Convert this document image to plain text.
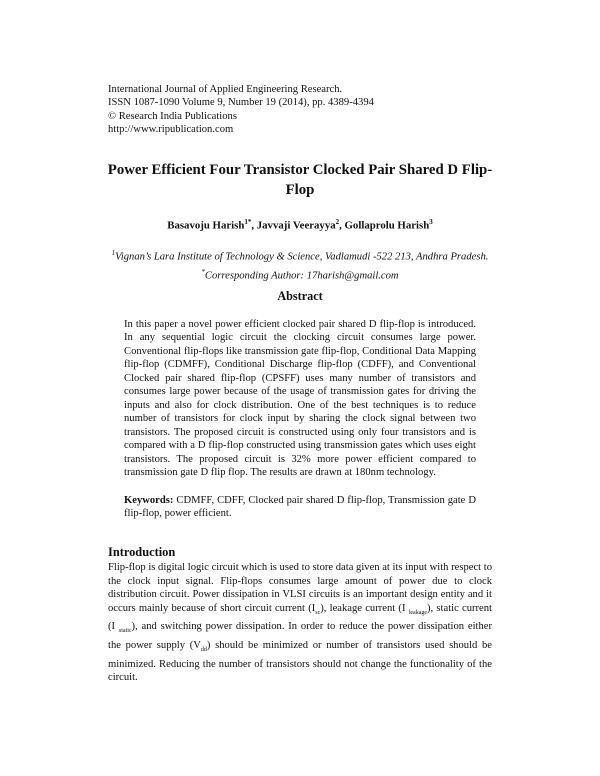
International Journal of Applied Engineering Research.
ISSN 1087-1090 Volume 9, Number 19 (2014), pp. 4389-4394
© Research India Publications
http://www.ripublication.com
Power Efficient Four Transistor Clocked Pair Shared D Flip-Flop
Basavoju Harish$^{1*}$, Javvaji Veerayya$^2$, Gollaprolu Harish$^3$
$^1$Vignan’s Lara Institute of Technology & Science, Vadlamudi -522 213, Andhra Pradesh. *Corresponding Author: 17harish@gmail.com
Abstract
In this paper a novel power efficient clocked pair shared D flip-flop is introduced. In any sequential logic circuit the clocking circuit consumes large power. Conventional flip-flops like transmission gate flip-flop, Conditional Data Mapping flip-flop (CDMFF), Conditional Discharge flip-flop (CDFF), and Conventional Clocked pair shared flip-flop (CPSFF) uses many number of transistors and consumes large power because of the usage of transmission gates for driving the inputs and also for clock distribution. One of the best techniques is to reduce number of transistors for clock input by sharing the clock signal between two transistors. The proposed circuit is constructed using only four transistors and is compared with a D flip-flop constructed using transmission gates which uses eight transistors. The proposed circuit is 32% more power efficient compared to transmission gate D flip flop. The results are drawn at 180nm technology.
Keywords: CDMFF, CDFF, Clocked pair shared D flip-flop, Transmission gate D flip-flop, power efficient.
Introduction
Flip-flop is digital logic circuit which is used to store data given at its input with respect to the clock input signal. Flip-flops consumes large amount of power due to clock distribution circuit. Power dissipation in VLSI circuits is an important design entity and it occurs mainly because of short circuit current $(I_{sc})$, leakage current (I $_{leakage}$), static current (I $_{static}$), and switching power dissipation. In order to reduce the power dissipation either the power supply $(V_{dd})$ should be minimized or number of transistors used should be minimized. Reducing the number of transistors should not change the functionality of the circuit.
